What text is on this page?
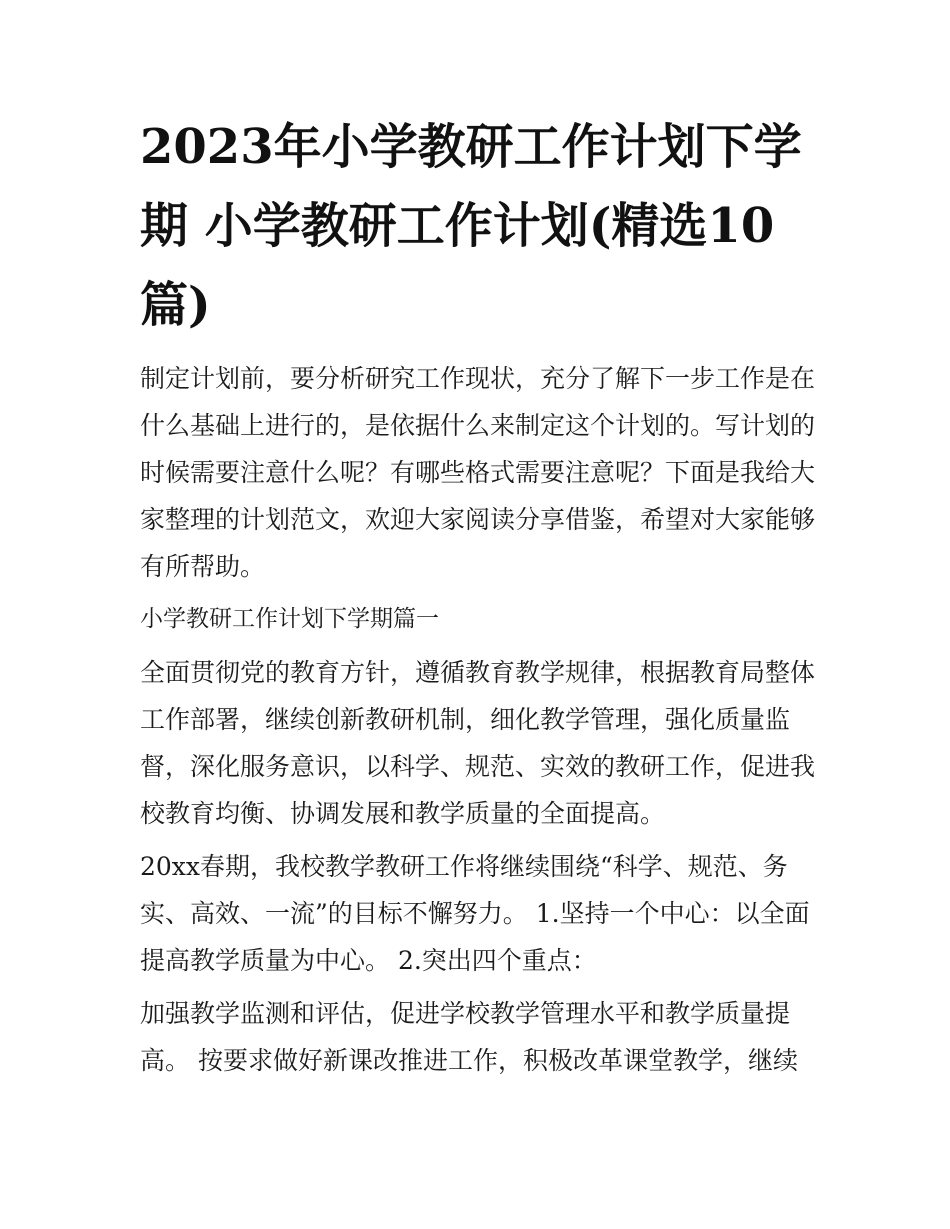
2023年小学教研工作计划下学期 小学教研工作计划(精选10篇)

制定计划前，要分析研究工作现状，充分了解下一步工作是在什么基础上进行的，是依据什么来制定这个计划的。写计划的时候需要注意什么呢？有哪些格式需要注意呢？下面是我给大家整理的计划范文，欢迎大家阅读分享借鉴，希望对大家能够有所帮助。

小学教研工作计划下学期篇一

全面贯彻党的教育方针，遵循教育教学规律，根据教育局整体工作部署，继续创新教研机制，细化教学管理，强化质量监督，深化服务意识，以科学、规范、实效的教研工作，促进我校教育均衡、协调发展和教学质量的全面提高。

20xx春期，我校教学教研工作将继续围绕“科学、规范、务实、高效、一流”的目标不懈努力。 1.坚持一个中心：以全面提高教学质量为中心。 2.突出四个重点：

加强教学监测和评估，促进学校教学管理水平和教学质量提高。 按要求做好新课改推进工作，积极改革课堂教学，继续
